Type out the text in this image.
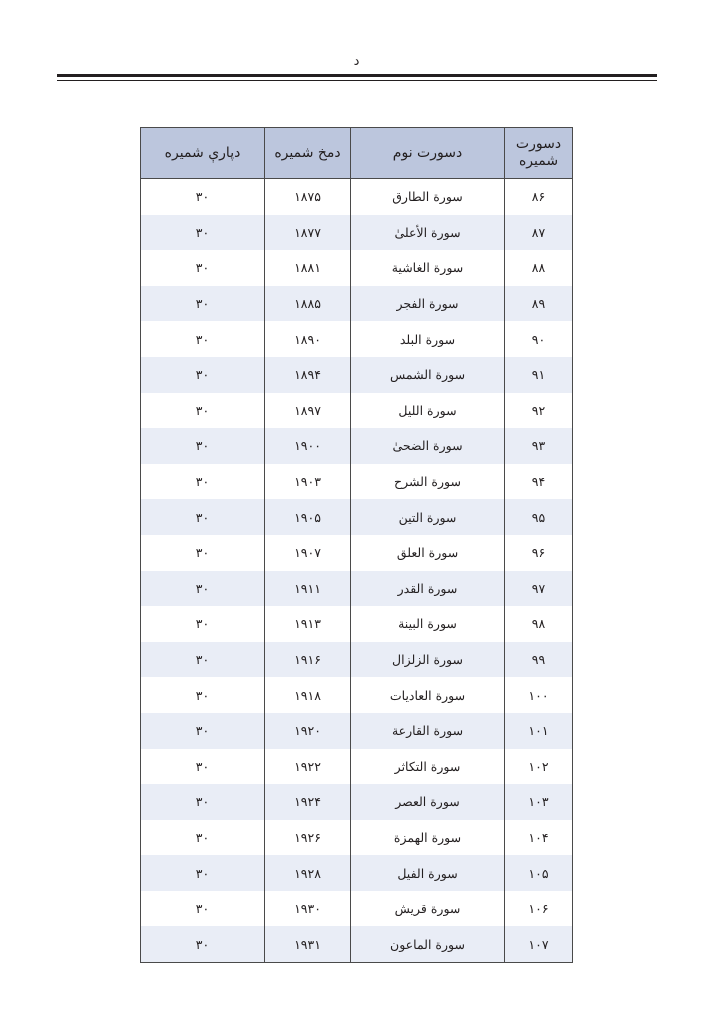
د
دسورت
شمیره	دسورت نوم	دمخ شمیره	دپارې شمیره
۸۶	سورة الطارق	۱۸۷۵	۳۰
۸۷	سورة الأعلیٰ	۱۸۷۷	۳۰
۸۸	سورة الغاشية	۱۸۸۱	۳۰
۸۹	سورة الفجر	۱۸۸۵	۳۰
۹۰	سورة البلد	۱۸۹۰	۳۰
۹۱	سورة الشمس	۱۸۹۴	۳۰
۹۲	سورة الليل	۱۸۹۷	۳۰
۹۳	سورة الضحیٰ	۱۹۰۰	۳۰
۹۴	سورة الشرح	۱۹۰۳	۳۰
۹۵	سورة التين	۱۹۰۵	۳۰
۹۶	سورة العلق	۱۹۰۷	۳۰
۹۷	سورة القدر	۱۹۱۱	۳۰
۹۸	سورة البينة	۱۹۱۳	۳۰
۹۹	سورة الزلزال	۱۹۱۶	۳۰
۱۰۰	سورة العاديات	۱۹۱۸	۳۰
۱۰۱	سورة القارعة	۱۹۲۰	۳۰
۱۰۲	سورة التكاثر	۱۹۲۲	۳۰
۱۰۳	سورة العصر	۱۹۲۴	۳۰
۱۰۴	سورة الهمزة	۱۹۲۶	۳۰
۱۰۵	سورة الفيل	۱۹۲۸	۳۰
۱۰۶	سورة قريش	۱۹۳۰	۳۰
۱۰۷	سورة الماعون	۱۹۳۱	۳۰
